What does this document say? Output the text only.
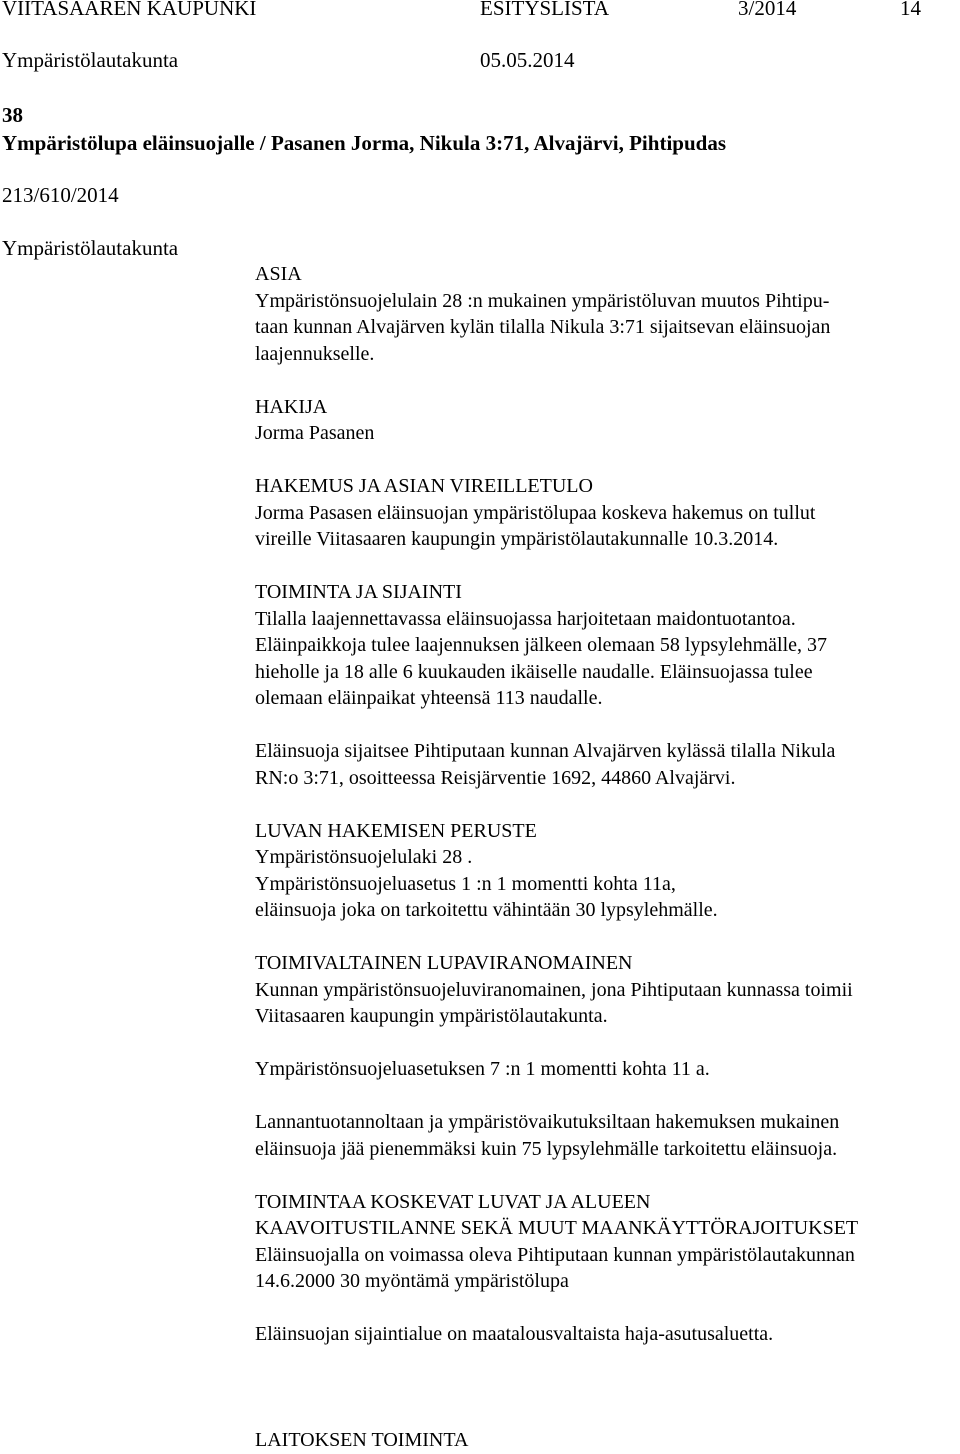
VIITASAAREN KAUPUNKI	ESITYSLISTA	3/2014	14
Ympäristölautakunta	05.05.2014
38
Ympäristölupa eläinsuojalle / Pasanen Jorma, Nikula 3:71, Alvajärvi, Pihtipudas
213/610/2014
Ympäristölautakunta
ASIA
Ympäristönsuojelulain 28 :n mukainen ympäristöluvan muutos Pihtipu-
taan kunnan Alvajärven kylän tilalla Nikula 3:71 sijaitsevan eläinsuojan
laajennukselle.
HAKIJA
Jorma Pasanen
HAKEMUS JA ASIAN VIREILLETULO
Jorma Pasasen eläinsuojan ympäristölupaa koskeva hakemus on tullut
vireille Viitasaaren kaupungin ympäristölautakunnalle 10.3.2014.
TOIMINTA JA SIJAINTI
Tilalla laajennettavassa eläinsuojassa harjoitetaan maidontuotantoa.
Eläinpaikkoja tulee laajennuksen jälkeen olemaan 58 lypsylehmälle, 37
hieholle ja 18 alle 6 kuukauden ikäiselle naudalle. Eläinsuojassa tulee
olemaan eläinpaikat yhteensä 113 naudalle.
Eläinsuoja sijaitsee Pihtiputaan kunnan Alvajärven kylässä tilalla Nikula
RN:o 3:71, osoitteessa Reisjärventie 1692, 44860 Alvajärvi.
LUVAN HAKEMISEN PERUSTE
Ympäristönsuojelulaki 28 .
Ympäristönsuojeluasetus 1 :n 1 momentti kohta 11a,
eläinsuoja joka on tarkoitettu vähintään 30 lypsylehmälle.
TOIMIVALTAINEN LUPAVIRANOMAINEN
Kunnan ympäristönsuojeluviranomainen, jona Pihtiputaan kunnassa toimii
Viitasaaren kaupungin ympäristölautakunta.
Ympäristönsuojeluasetuksen 7 :n 1 momentti kohta 11 a.
Lannantuotannoltaan ja ympäristövaikutuksiltaan hakemuksen mukainen
eläinsuoja jää pienemmäksi kuin 75 lypsylehmälle tarkoitettu eläinsuoja.
TOIMINTAA KOSKEVAT LUVAT JA ALUEEN
KAAVOITUSTILANNE SEKÄ MUUT MAANKÄYTTÖRAJOITUKSET
Eläinsuojalla on voimassa oleva Pihtiputaan kunnan ympäristölautakunnan
14.6.2000 30 myöntämä ympäristölupa
Eläinsuojan sijaintialue on maatalousvaltaista haja-asutusaluetta.

LAITOKSEN TOIMINTA
